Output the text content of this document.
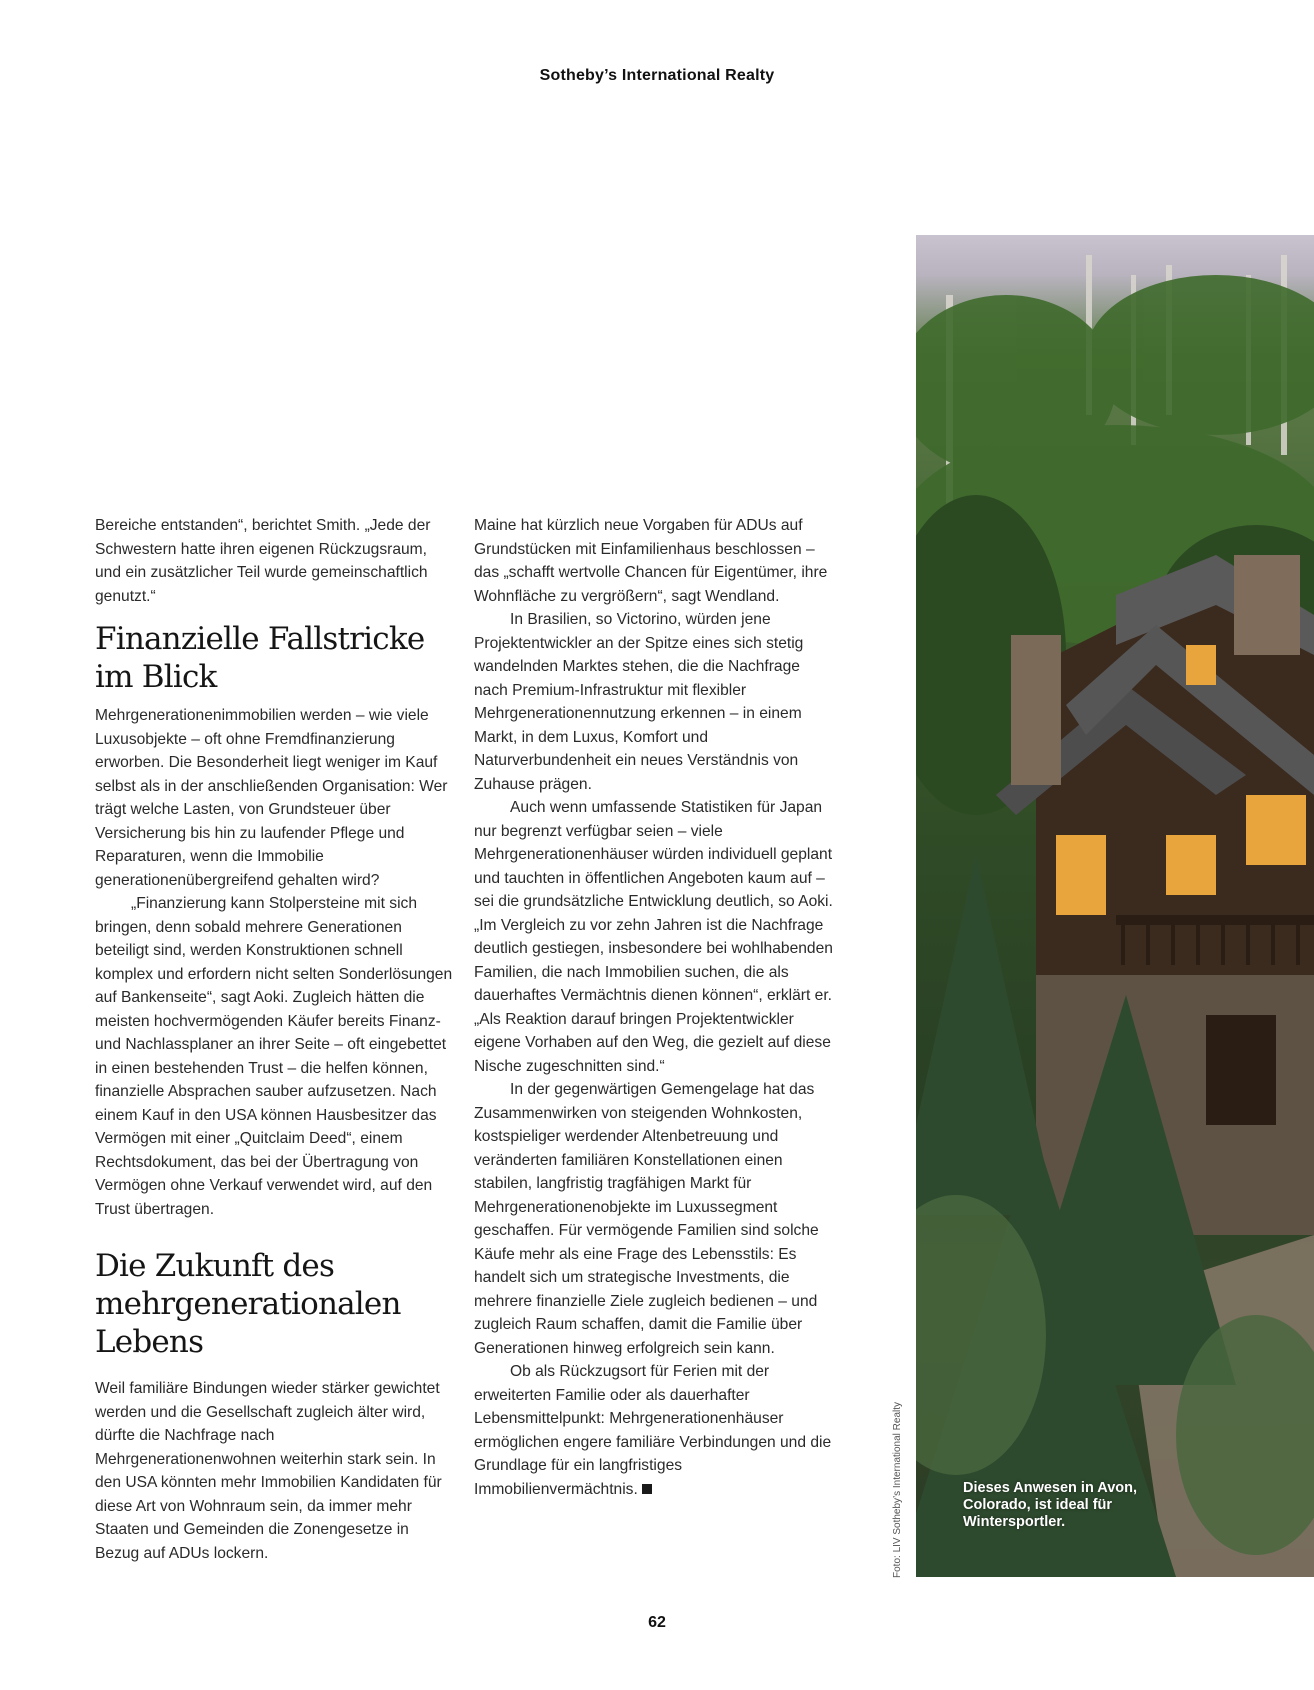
Sotheby’s International Realty

Bereiche entstanden“, berichtet Smith. „Jede der Schwestern hatte ihren eigenen Rückzugsraum, und ein zusätzlicher Teil wurde gemeinschaftlich genutzt.“

Finanzielle Fallstricke
im Blick

Mehrgenerationenimmobilien werden – wie viele Luxusobjekte – oft ohne Fremdfinanzierung erworben. Die Besonderheit liegt weniger im Kauf selbst als in der anschließenden Organisation: Wer trägt welche Lasten, von Grundsteuer über Versicherung bis hin zu laufender Pflege und Reparaturen, wenn die Immobilie generationenübergreifend gehalten wird?

„Finanzierung kann Stolpersteine mit sich bringen, denn sobald mehrere Generationen beteiligt sind, werden Konstruktionen schnell komplex und erfordern nicht selten Sonderlösungen auf Bankenseite“, sagt Aoki. Zugleich hätten die meisten hochvermögenden Käufer bereits Finanz- und Nachlassplaner an ihrer Seite – oft eingebettet in einen bestehenden Trust – die helfen können, finanzielle Absprachen sauber aufzusetzen. Nach einem Kauf in den USA können Hausbesitzer das Vermögen mit einer „Quitclaim Deed“, einem Rechtsdokument, das bei der Übertragung von Vermögen ohne Verkauf verwendet wird, auf den Trust übertragen.

Die Zukunft des
mehrgenerationalen
Lebens

Weil familiäre Bindungen wieder stärker gewichtet werden und die Gesellschaft zugleich älter wird, dürfte die Nachfrage nach Mehrgenerationenwohnen weiterhin stark sein. In den USA könnten mehr Immobilien Kandidaten für diese Art von Wohnraum sein, da immer mehr Staaten und Gemeinden die Zonengesetze in Bezug auf ADUs lockern.

Maine hat kürzlich neue Vorgaben für ADUs auf Grundstücken mit Einfamilienhaus beschlossen – das „schafft wertvolle Chancen für Eigentümer, ihre Wohnfläche zu vergrößern“, sagt Wendland.

In Brasilien, so Victorino, würden jene Projektentwickler an der Spitze eines sich stetig wandelnden Marktes stehen, die die Nachfrage nach Premium-Infrastruktur mit flexibler Mehrgenerationennutzung erkennen – in einem Markt, in dem Luxus, Komfort und Naturverbundenheit ein neues Verständnis von Zuhause prägen.

Auch wenn umfassende Statistiken für Japan nur begrenzt verfügbar seien – viele Mehrgenerationenhäuser würden individuell geplant und tauchten in öffentlichen Angeboten kaum auf – sei die grundsätzliche Entwicklung deutlich, so Aoki. „Im Vergleich zu vor zehn Jahren ist die Nachfrage deutlich gestiegen, insbesondere bei wohlhabenden Familien, die nach Immobilien suchen, die als dauerhaftes Vermächtnis dienen können“, erklärt er. „Als Reaktion darauf bringen Projektentwickler eigene Vorhaben auf den Weg, die gezielt auf diese Nische zugeschnitten sind.“

In der gegenwärtigen Gemengelage hat das Zusammenwirken von steigenden Wohnkosten, kostspieliger werdender Altenbetreuung und veränderten familiären Konstellationen einen stabilen, langfristig tragfähigen Markt für Mehrgenerationenobjekte im Luxussegment geschaffen. Für vermögende Familien sind solche Käufe mehr als eine Frage des Lebensstils: Es handelt sich um strategische Investments, die mehrere finanzielle Ziele zugleich bedienen – und zugleich Raum schaffen, damit die Familie über Generationen hinweg erfolgreich sein kann.

Ob als Rückzugsort für Ferien mit der erweiterten Familie oder als dauerhafter Lebensmittelpunkt: Mehrgenerationenhäuser ermöglichen engere familiäre Verbindungen und die Grundlage für ein langfristiges Immobilienvermächtnis.	Foto: LIV Sotheby’s International Realty	Dieses Anwesen in Avon, Colorado, ist ideal für Wintersportler.
62
